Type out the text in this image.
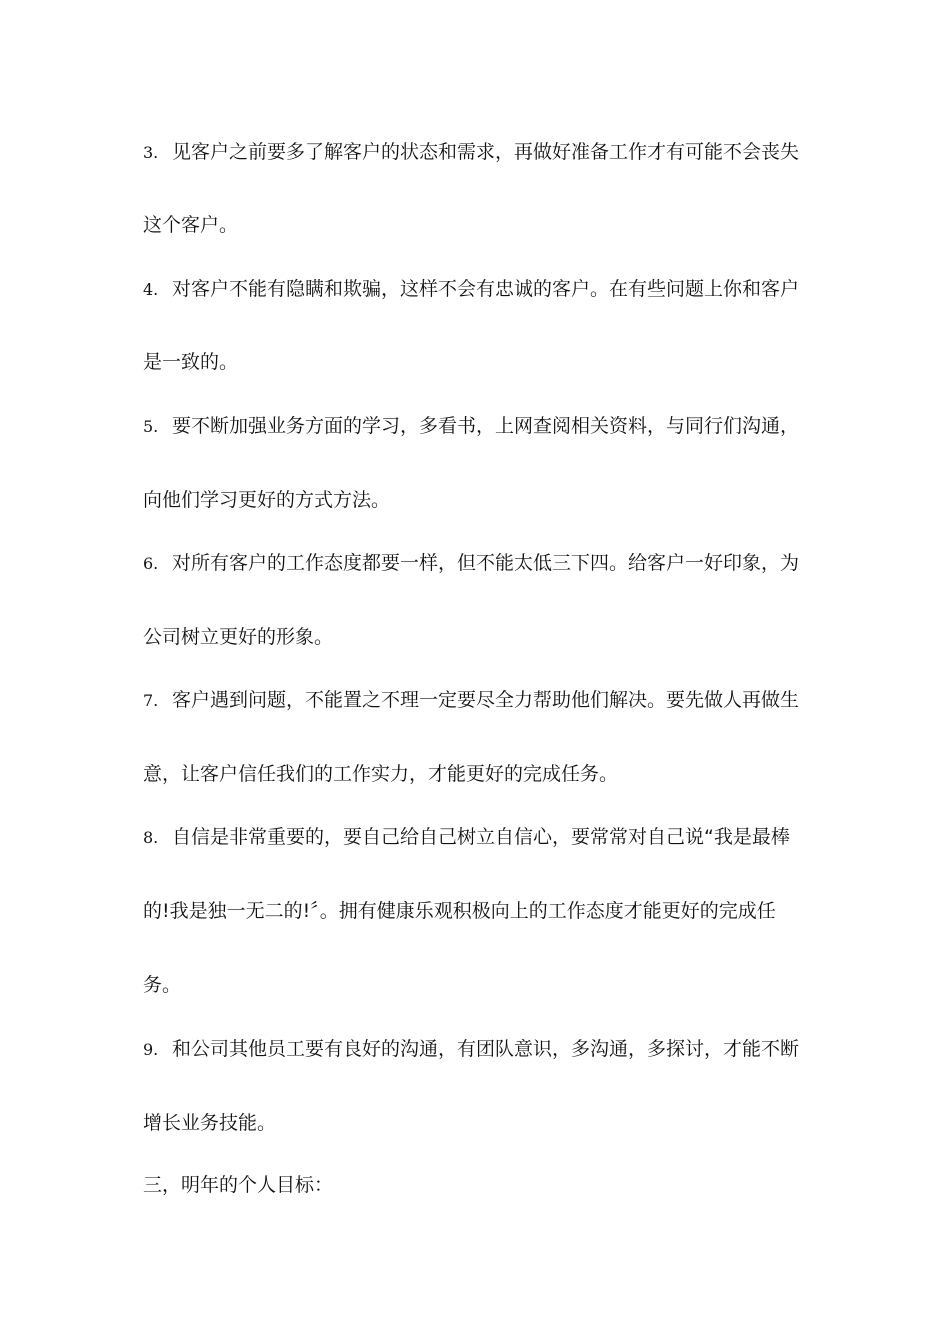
3. 见客户之前要多了解客户的状态和需求，再做好准备工作才有可能不会丧失
这个客户。
4. 对客户不能有隐瞒和欺骗，这样不会有忠诚的客户。在有些问题上你和客户
是一致的。
5. 要不断加强业务方面的学习，多看书，上网查阅相关资料，与同行们沟通，
向他们学习更好的方式方法。
6. 对所有客户的工作态度都要一样，但不能太低三下四。给客户一好印象，为
公司树立更好的形象。
7. 客户遇到问题，不能置之不理一定要尽全力帮助他们解决。要先做人再做生
意，让客户信任我们的工作实力，才能更好的完成任务。
8. 自信是非常重要的，要自己给自己树立自信心，要常常对自己说“我是最棒
的!我是独一无二的!〞。拥有健康乐观积极向上的工作态度才能更好的完成任
务。
9. 和公司其他员工要有良好的沟通，有团队意识，多沟通，多探讨，才能不断
增长业务技能。
三，明年的个人目标：
